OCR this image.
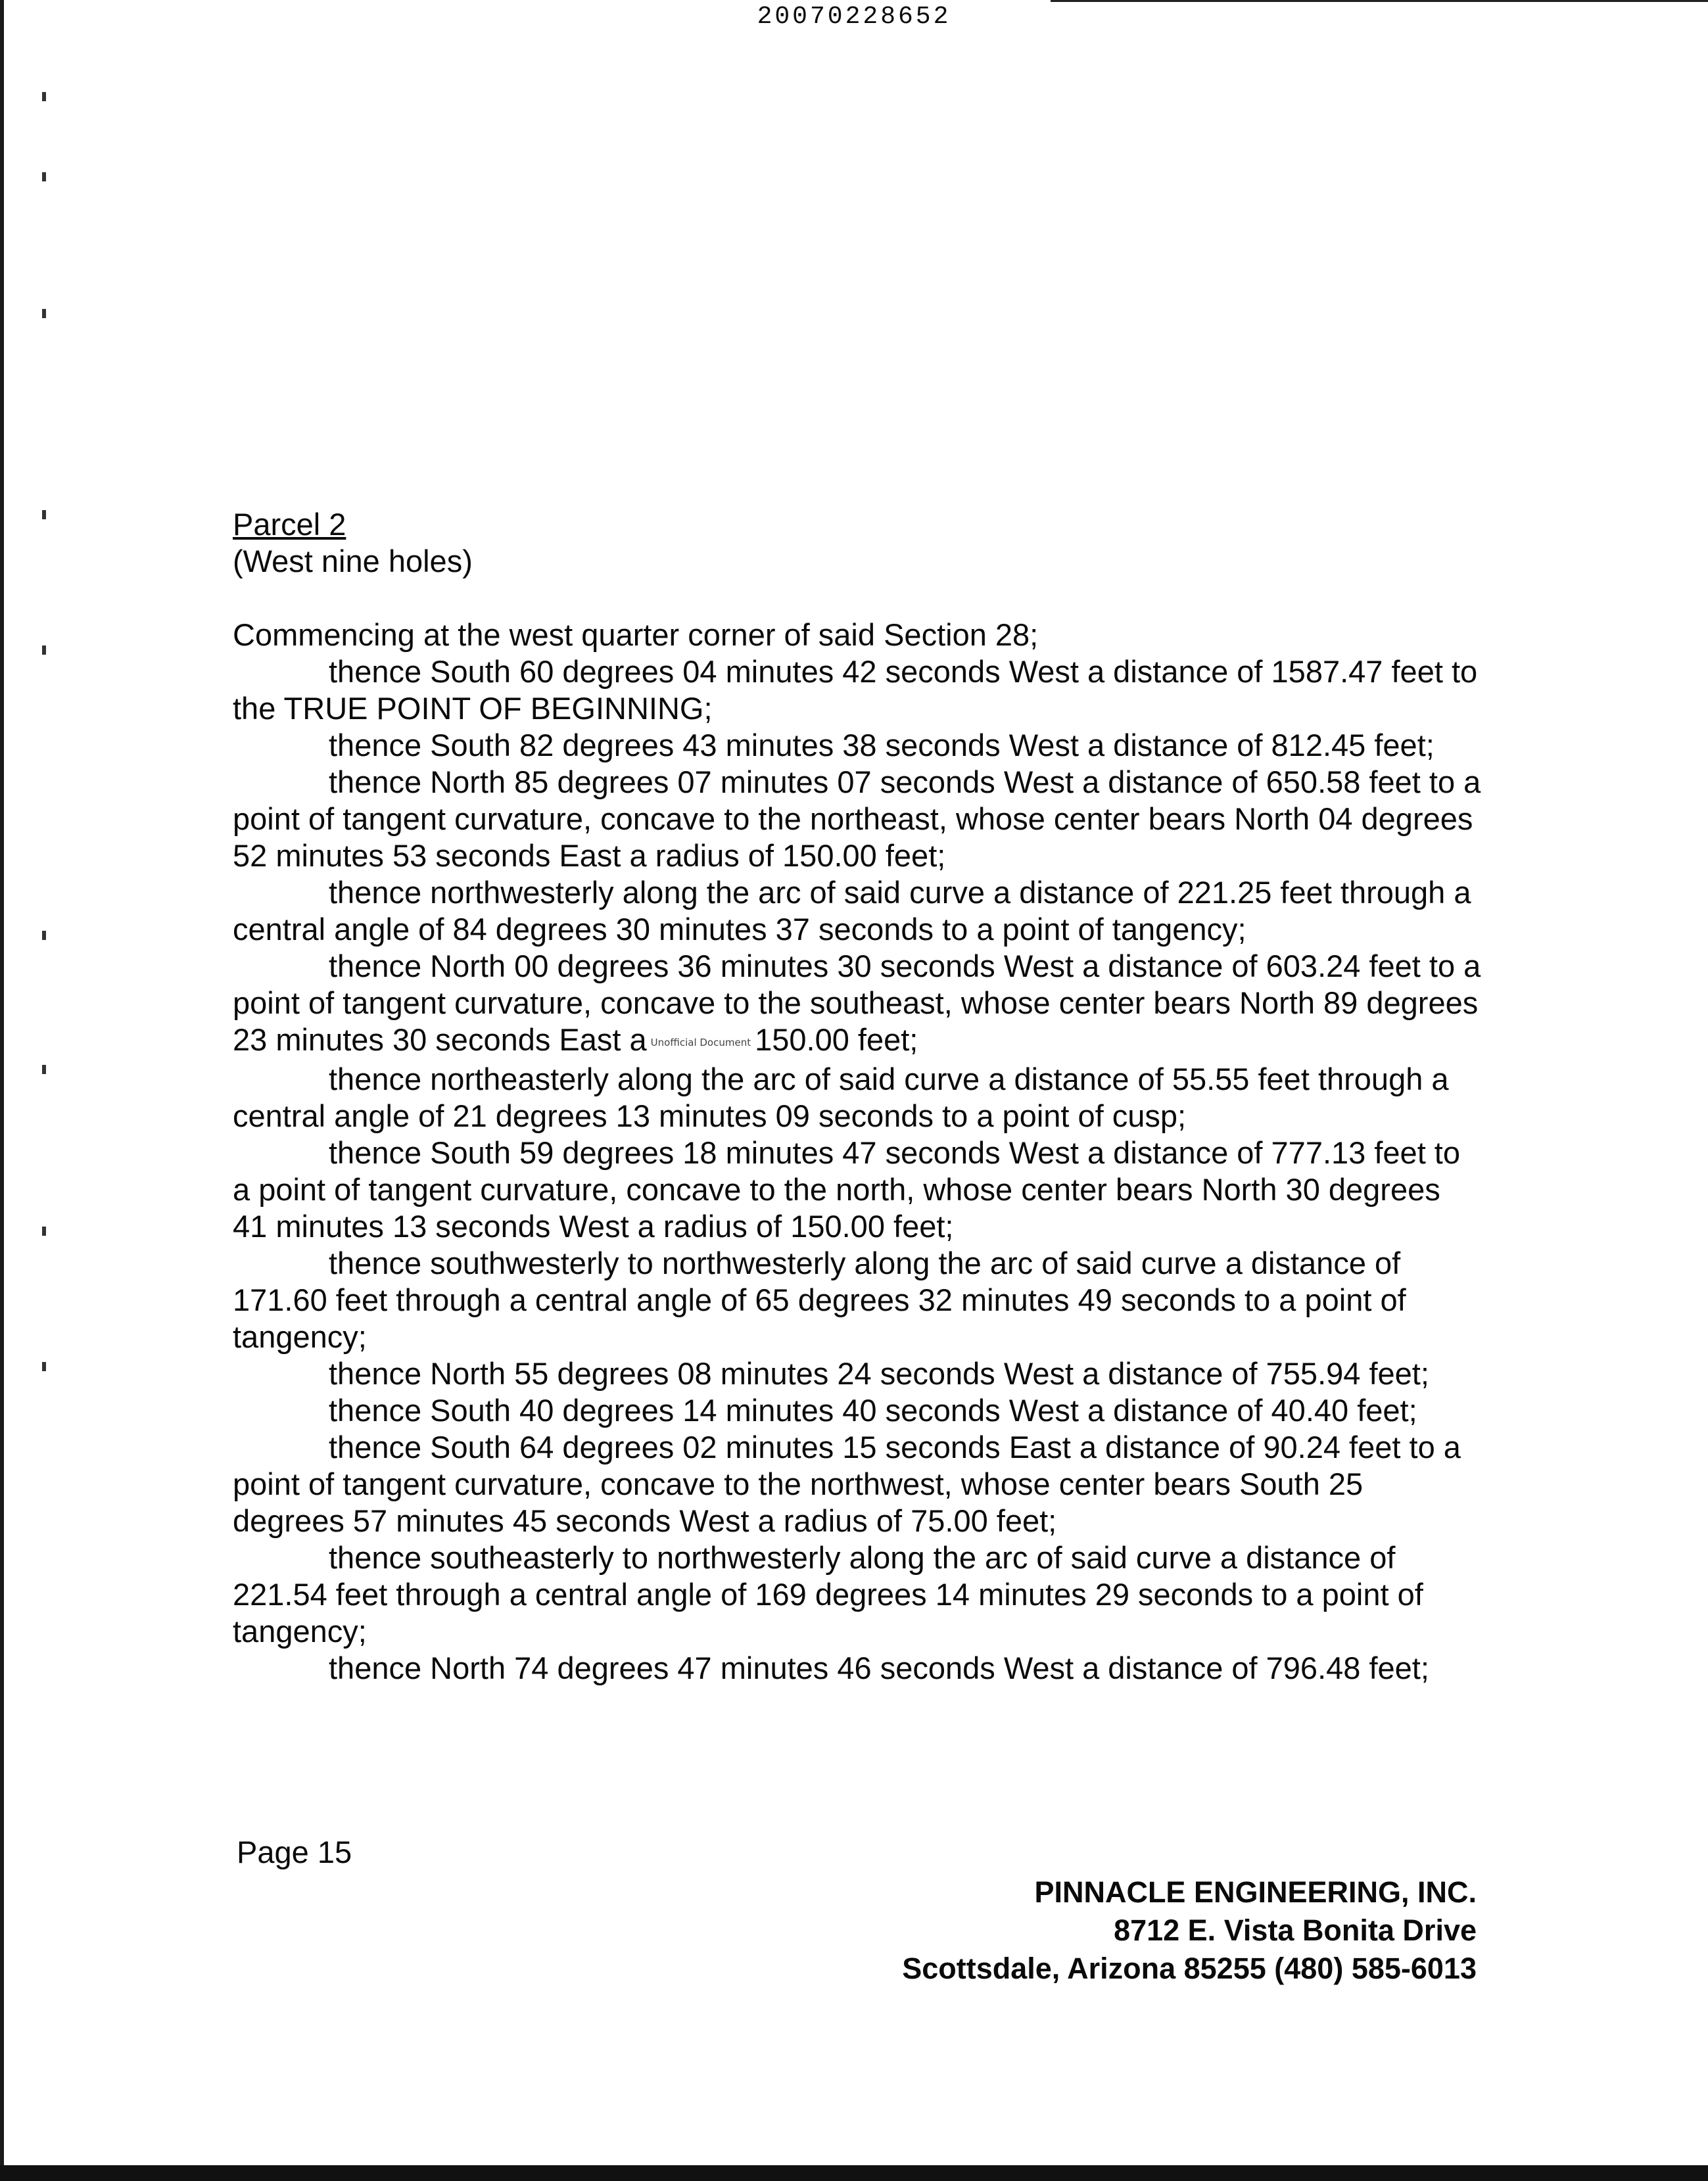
20070228652
Parcel 2
(West nine holes)
Commencing at the west quarter corner of said Section 28;

thence South 60 degrees 04 minutes 42 seconds West a distance of 1587.47 feet to the TRUE POINT OF BEGINNING;

thence South 82 degrees 43 minutes 38 seconds West a distance of 812.45 feet;

thence North 85 degrees 07 minutes 07 seconds West a distance of 650.58 feet to a point of tangent curvature, concave to the northeast, whose center bears North 04 degrees 52 minutes 53 seconds East a radius of 150.00 feet;

thence northwesterly along the arc of said curve a distance of 221.25 feet through a central angle of 84 degrees 30 minutes 37 seconds to a point of tangency;

thence North 00 degrees 36 minutes 30 seconds West a distance of 603.24 feet to a point of tangent curvature, concave to the southeast, whose center bears North 89 degrees 23 minutes 30 seconds East a Unofficial Document 150.00 feet;

thence northeasterly along the arc of said curve a distance of 55.55 feet through a central angle of 21 degrees 13 minutes 09 seconds to a point of cusp;

thence South 59 degrees 18 minutes 47 seconds West a distance of 777.13 feet to a point of tangent curvature, concave to the north, whose center bears North 30 degrees 41 minutes 13 seconds West a radius of 150.00 feet;

thence southwesterly to northwesterly along the arc of said curve a distance of 171.60 feet through a central angle of 65 degrees 32 minutes 49 seconds to a point of tangency;

thence North 55 degrees 08 minutes 24 seconds West a distance of 755.94 feet;

thence South 40 degrees 14 minutes 40 seconds West a distance of 40.40 feet;

thence South 64 degrees 02 minutes 15 seconds East a distance of 90.24 feet to a point of tangent curvature, concave to the northwest, whose center bears South 25 degrees 57 minutes 45 seconds West a radius of 75.00 feet;

thence southeasterly to northwesterly along the arc of said curve a distance of 221.54 feet through a central angle of 169 degrees 14 minutes 29 seconds to a point of tangency;

thence North 74 degrees 47 minutes 46 seconds West a distance of 796.48 feet;

Page 15
PINNACLE ENGINEERING, INC.
8712 E. Vista Bonita Drive
Scottsdale, Arizona 85255 (480) 585-6013
